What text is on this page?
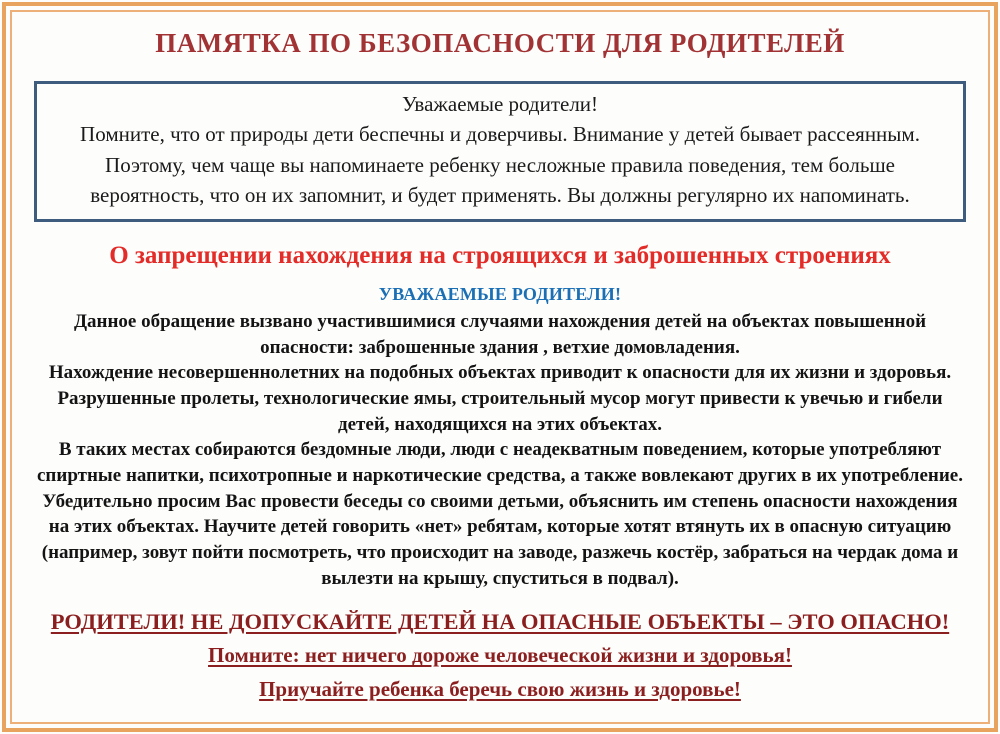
ПАМЯТКА ПО БЕЗОПАСНОСТИ ДЛЯ РОДИТЕЛЕЙ

Уважаемые родители!

Помните, что от природы дети беспечны и доверчивы. Внимание у детей бывает рассеянным. Поэтому, чем чаще вы напоминаете ребенку несложные правила поведения, тем больше вероятность, что он их запомнит, и будет применять. Вы должны регулярно их напоминать.

О запрещении нахождения на строящихся и заброшенных строениях
УВАЖАЕМЫЕ РОДИТЕЛИ!

Данное обращение вызвано участившимися случаями нахождения детей на объектах повышенной опасности: заброшенные здания , ветхие домовладения.

Нахождение несовершеннолетних на подобных объектах приводит к опасности для их жизни и здоровья. Разрушенные пролеты, технологические ямы, строительный мусор могут привести к увечью и гибели детей, находящихся на этих объектах.

В таких местах собираются бездомные люди, люди с неадекватным поведением, которые употребляют спиртные напитки, психотропные и наркотические средства, а также вовлекают других в их употребление.

Убедительно просим Вас провести беседы со своими детьми, объяснить им степень опасности нахождения на этих объектах. Научите детей говорить «нет» ребятам, которые хотят втянуть их в опасную ситуацию (например, зовут пойти посмотреть, что происходит на заводе, разжечь костёр, забраться на чердак дома и вылезти на крышу, спуститься в подвал).

РОДИТЕЛИ! НЕ ДОПУСКАЙТЕ ДЕТЕЙ НА ОПАСНЫЕ ОБЪЕКТЫ – ЭТО ОПАСНО!

Помните: нет ничего дороже человеческой жизни и здоровья!

Приучайте ребенка беречь свою жизнь и здоровье!
